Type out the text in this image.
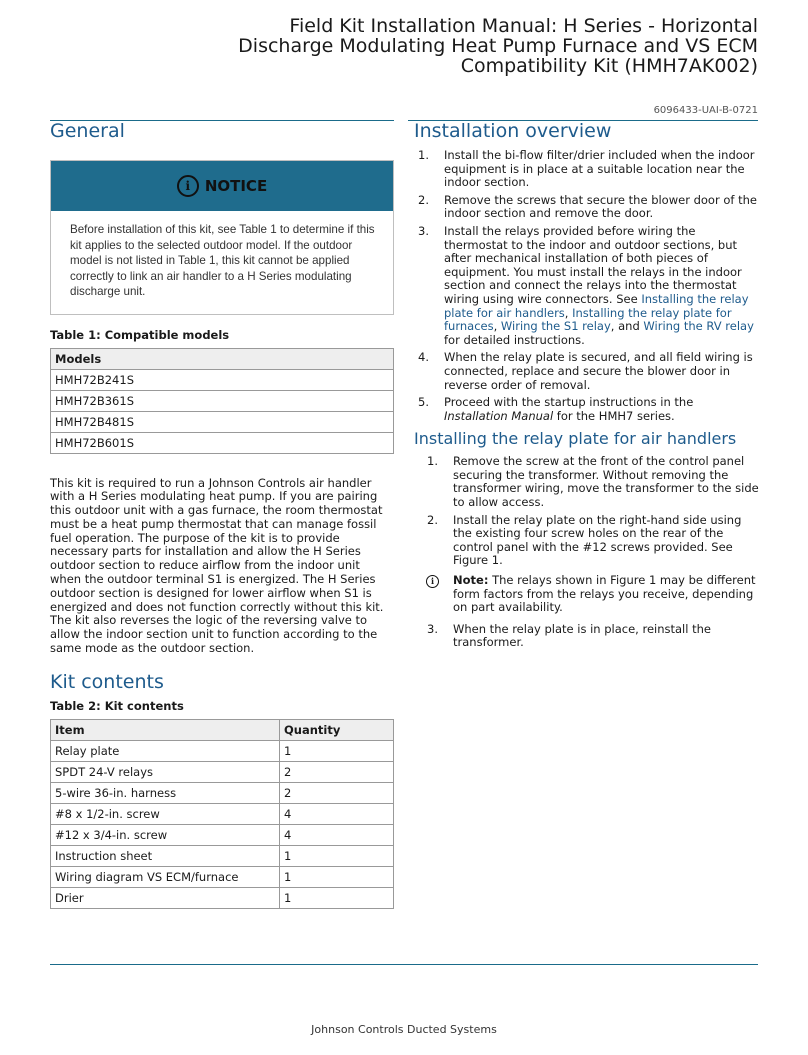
Field Kit Installation Manual: H Series - Horizontal
Discharge Modulating Heat Pump Furnace and VS ECM
Compatibility Kit (HMH7AK002)
6096433-UAI-B-0721
General
i NOTICE
Before installation of this kit, see Table 1 to determine if this kit applies to the selected outdoor model. If the outdoor model is not listed in Table 1, this kit cannot be applied correctly to link an air handler to a H Series modulating discharge unit.
Table 1: Compatible models
Models
HMH72B241S
HMH72B361S
HMH72B481S
HMH72B601S
This kit is required to run a Johnson Controls air handler with a H Series modulating heat pump. If you are pairing this outdoor unit with a gas furnace, the room thermostat must be a heat pump thermostat that can manage fossil fuel operation. The purpose of the kit is to provide necessary parts for installation and allow the H Series outdoor section to reduce airflow from the indoor unit when the outdoor terminal S1 is energized. The H Series outdoor section is designed for lower airflow when S1 is energized and does not function correctly without this kit. The kit also reverses the logic of the reversing valve to allow the indoor section unit to function according to the same mode as the outdoor section.
Kit contents
Table 2: Kit contents
Item	Quantity
Relay plate	1
SPDT 24-V relays	2
5-wire 36-in. harness	2
#8 x 1/2-in. screw	4
#12 x 3/4-in. screw	4
Instruction sheet	1
Wiring diagram VS ECM/furnace	1
Drier	1
Installation overview
1. Install the bi-flow filter/drier included when the indoor equipment is in place at a suitable location near the indoor section.
2. Remove the screws that secure the blower door of the indoor section and remove the door.
3. Install the relays provided before wiring the thermostat to the indoor and outdoor sections, but after mechanical installation of both pieces of equipment. You must install the relays in the indoor section and connect the relays into the thermostat wiring using wire connectors. See Installing the relay plate for air handlers, Installing the relay plate for furnaces, Wiring the S1 relay, and Wiring the RV relay for detailed instructions.
4. When the relay plate is secured, and all field wiring is connected, replace and secure the blower door in reverse order of removal.
5. Proceed with the startup instructions in the Installation Manual for the HMH7 series.
Installing the relay plate for air handlers
1. Remove the screw at the front of the control panel securing the transformer. Without removing the transformer wiring, move the transformer to the side to allow access.
2. Install the relay plate on the right-hand side using the existing four screw holes on the rear of the control panel with the #12 screws provided. See Figure 1.
i	Note: The relays shown in Figure 1 may be different form factors from the relays you receive, depending on part availability.
3. When the relay plate is in place, reinstall the transformer.
Johnson Controls Ducted Systems
